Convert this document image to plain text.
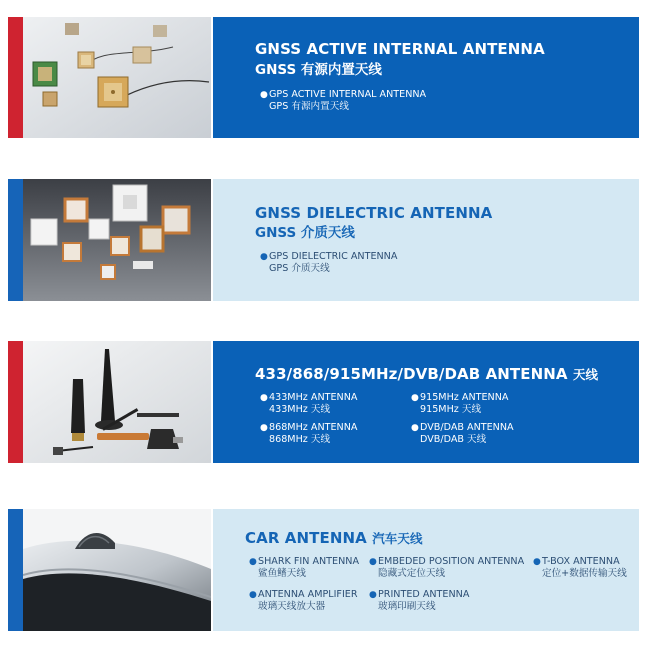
GNSS ACTIVE INTERNAL ANTENNA
GNSS 有源内置天线
● GPS ACTIVE INTERNAL ANTENNA
GPS 有源内置天线
GNSS DIELECTRIC ANTENNA
GNSS 介质天线
● GPS DIELECTRIC ANTENNA
GPS 介质天线
433/868/915MHz/DVB/DAB ANTENNA 天线
● 433MHz ANTENNA
433MHz 天线
● 915MHz ANTENNA
915MHz 天线
● 868MHz ANTENNA
868MHz 天线
● DVB/DAB ANTENNA
DVB/DAB 天线
CAR ANTENNA 汽车天线
● SHARK FIN ANTENNA
鲨鱼鳍天线
● EMBEDED POSITION ANTENNA
隐藏式定位天线
● T-BOX ANTENNA
定位+数据传输天线
● ANTENNA AMPLIFIER
玻璃天线放大器
● PRINTED ANTENNA
玻璃印刷天线
